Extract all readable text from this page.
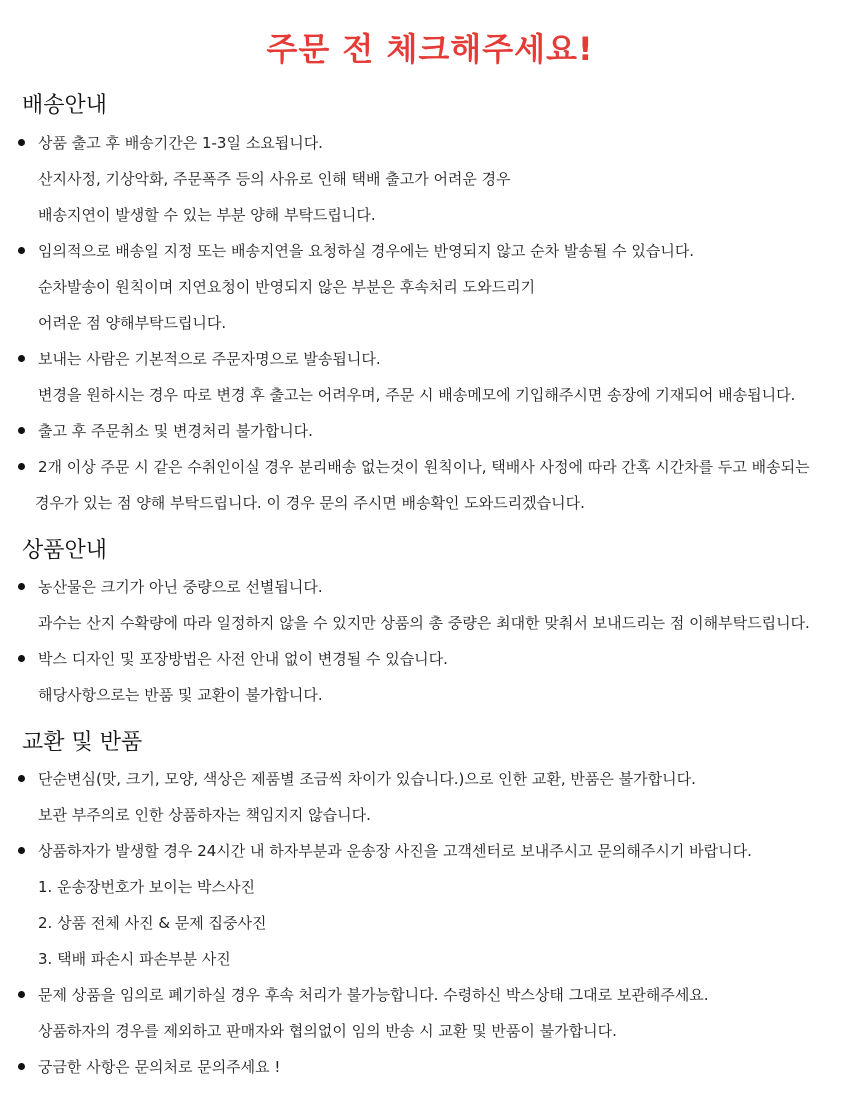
주문 전 체크해주세요!
배송안내
상품 출고 후 배송기간은 1-3일 소요됩니다.
산지사정, 기상악화, 주문폭주 등의 사유로 인해 택배 출고가 어려운 경우
배송지연이 발생할 수 있는 부분 양해 부탁드립니다.
임의적으로 배송일 지정 또는 배송지연을 요청하실 경우에는 반영되지 않고 순차 발송될 수 있습니다.
순차발송이 원칙이며 지연요청이 반영되지 않은 부분은 후속처리 도와드리기
어려운 점 양해부탁드립니다.
보내는 사람은 기본적으로 주문자명으로 발송됩니다.
변경을 원하시는 경우 따로 변경 후 출고는 어려우며, 주문 시 배송메모에 기입해주시면 송장에 기재되어 배송됩니다.
출고 후 주문취소 및 변경처리 불가합니다.
2개 이상 주문 시 같은 수취인이실 경우 분리배송 없는것이 원칙이나, 택배사 사정에 따라 간혹 시간차를 두고 배송되는
경우가 있는 점 양해 부탁드립니다. 이 경우 문의 주시면 배송확인 도와드리겠습니다.
상품안내
농산물은 크기가 아닌 중량으로 선별됩니다.
과수는 산지 수확량에 따라 일정하지 않을 수 있지만 상품의 총 중량은 최대한 맞춰서 보내드리는 점 이해부탁드립니다.
박스 디자인 및 포장방법은 사전 안내 없이 변경될 수 있습니다.
해당사항으로는 반품 및 교환이 불가합니다.
교환 및 반품
단순변심(맛, 크기, 모양, 색상은 제품별 조금씩 차이가 있습니다.)으로 인한 교환, 반품은 불가합니다.
보관 부주의로 인한 상품하자는 책임지지 않습니다.
상품하자가 발생할 경우 24시간 내 하자부분과 운송장 사진을 고객센터로 보내주시고 문의해주시기 바랍니다.
1. 운송장번호가 보이는 박스사진
2. 상품 전체 사진 & 문제 집중사진
3. 택배 파손시 파손부분 사진
문제 상품을 임의로 폐기하실 경우 후속 처리가 불가능합니다. 수령하신 박스상태 그대로 보관해주세요.
상품하자의 경우를 제외하고 판매자와 협의없이 임의 반송 시 교환 및 반품이 불가합니다.
궁금한 사항은 문의처로 문의주세요 !
